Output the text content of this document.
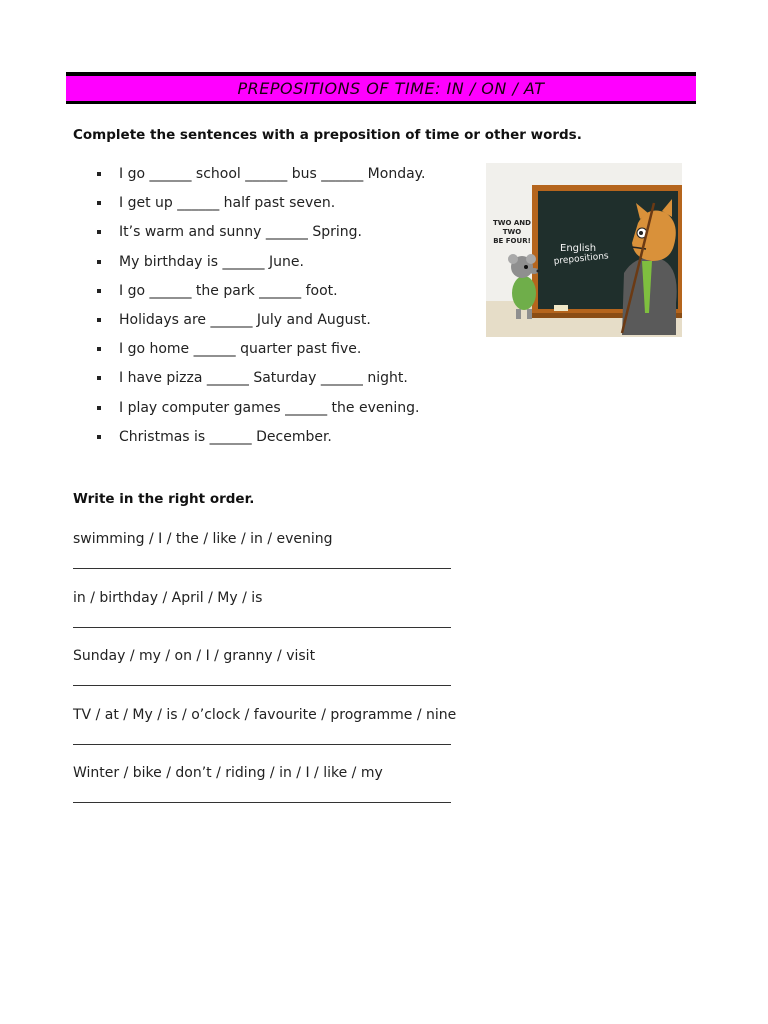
PREPOSITIONS OF TIME: IN / ON / AT
Complete the sentences with a preposition of time or other words.
I go ______ school ______ bus ______ Monday.
I get up ______ half past seven.
It’s warm and sunny ______ Spring.
My birthday is ______ June.
I go ______ the park ______ foot.
Holidays are ______ July and August.
I go home ______ quarter past five.
I have pizza ______ Saturday ______ night.
I play computer games ______ the evening.
Christmas is ______ December.
TWO AND
TWO
BE FOUR!
English
prepositions
Write in the right order.
swimming / I / the / like / in / evening
in / birthday / April / My / is
Sunday / my / on / I / granny / visit
TV / at / My / is / o’clock / favourite / programme / nine
Winter / bike / don’t / riding / in / I / like / my
